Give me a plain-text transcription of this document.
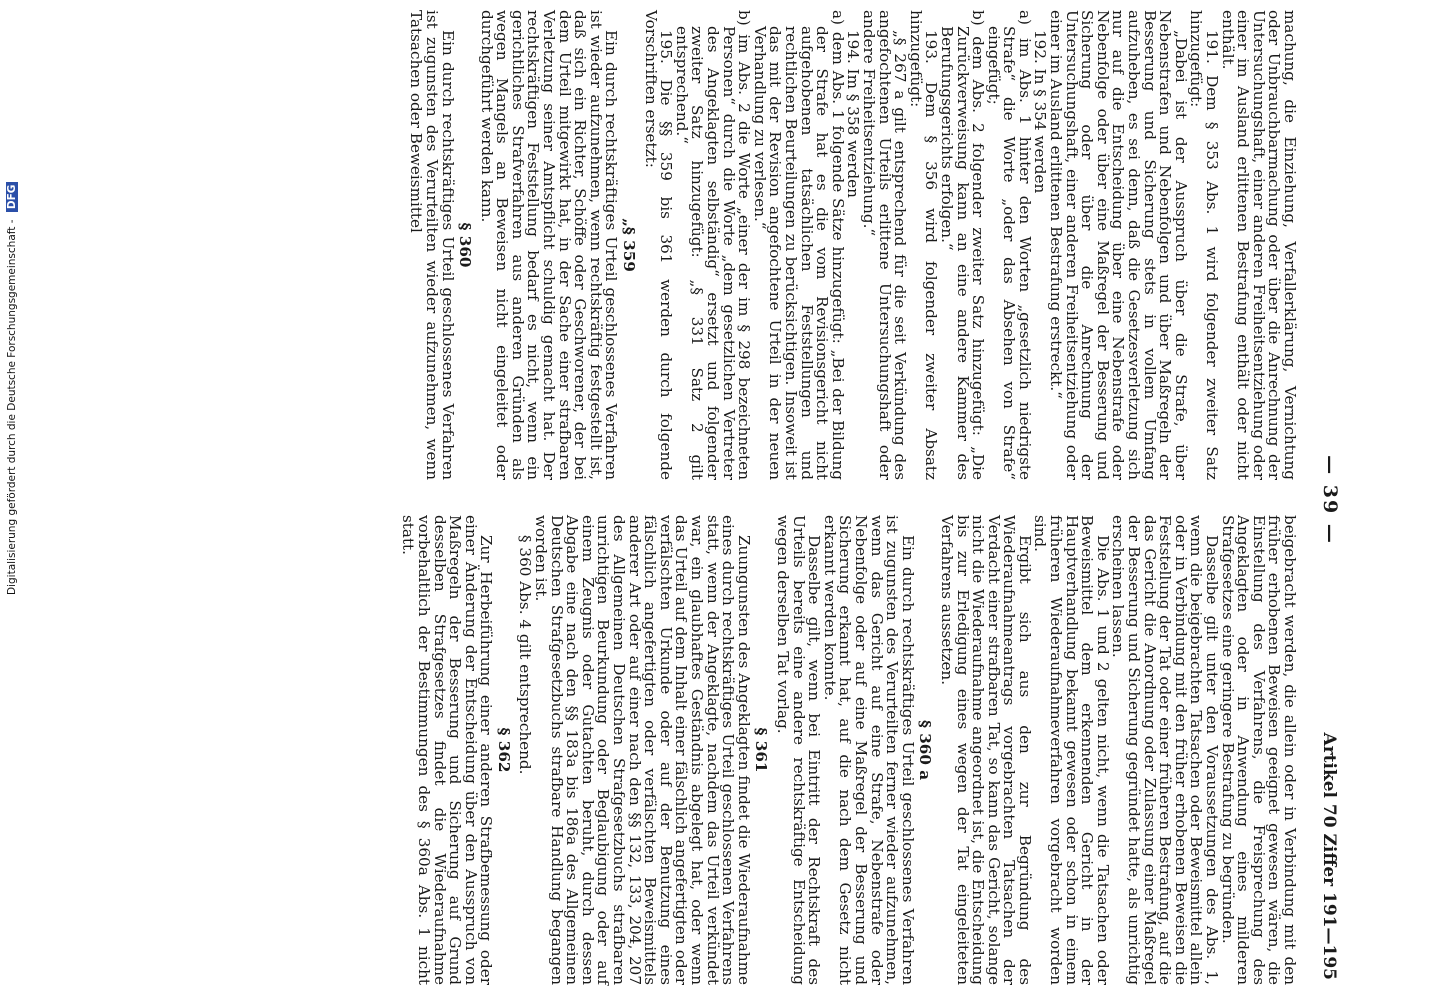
— 39 —
Artikel 70 Ziffer 191—195

machung, die Einziehung, Verfallerklärung, Vernichtung oder Unbrauchbarmachung oder über die Anrechnung der Untersuchungshaft, einer anderen Freiheitsentziehung oder einer im Ausland erlittenen Bestrafung enthält oder nicht enthält.

191. Dem § 353 Abs. 1 wird folgender zweiter Satz hinzugefügt:

„Dabei ist der Ausspruch über die Strafe, über Nebenstrafen und Nebenfolgen und über Maßregeln der Besserung und Sicherung stets in vollem Umfang aufzuheben, es sei denn, daß die Gesetzesverletzung sich nur auf die Entscheidung über eine Nebenstrafe oder Nebenfolge oder über eine Maßregel der Besserung und Sicherung oder über die Anrechnung der Untersuchungshaft, einer anderen Freiheitsentziehung oder einer im Ausland erlittenen Bestrafung erstreckt.“

192. In § 354 werden

a) im Abs. 1 hinter den Worten „gesetzlich niedrigste Strafe“ die Worte „oder das Absehen von Strafe“ eingefügt;

b) dem Abs. 2 folgender zweiter Satz hinzugefügt: „Die Zurückverweisung kann an eine andere Kammer des Berufungsgerichts erfolgen.“

193. Dem § 356 wird folgender zweiter Absatz hinzugefügt:

„§ 267 a gilt entsprechend für die seit Verkündung des angefochtenen Urteils erlittene Untersuchungshaft oder andere Freiheitsentziehung.“

194. Im § 358 werden

a) dem Abs. 1 folgende Sätze hinzugefügt: „Bei der Bildung der Strafe hat es die vom Revisionsgericht nicht aufgehobenen tatsächlichen Feststellungen und rechtlichen Beurteilungen zu berücksichtigen. Insoweit ist das mit der Revision angefochtene Urteil in der neuen Verhandlung zu verlesen.“

b) im Abs. 2 die Worte „einer der im § 298 bezeichneten Personen“ durch die Worte „dem gesetzlichen Vertreter des Angeklagten selbständig“ ersetzt und folgender zweiter Satz hinzugefügt: „§ 331 Satz 2 gilt entsprechend.“

195. Die §§ 359 bis 361 werden durch folgende Vorschriften ersetzt:

„§ 359

Ein durch rechtskräftiges Urteil geschlossenes Verfahren ist wieder aufzunehmen, wenn rechtskräftig festgestellt ist, daß sich ein Richter, Schöffe oder Geschworener, der bei dem Urteil mitgewirkt hat, in der Sache einer strafbaren Verletzung seiner Amtspflicht schuldig gemacht hat. Der rechtskräftigen Feststellung bedarf es nicht, wenn ein gerichtliches Strafverfahren aus anderen Gründen als wegen Mangels an Beweisen nicht eingeleitet oder durchgeführt werden kann.

§ 360

Ein durch rechtskräftiges Urteil geschlossenes Verfahren ist zugunsten des Verurteilten wieder aufzunehmen, wenn Tatsachen oder Beweismittel

beigebracht werden, die allein oder in Verbindung mit den früher erhobenen Beweisen geeignet gewesen wären, die Einstellung des Verfahrens, die Freisprechung des Angeklagten oder in Anwendung eines milderen Strafgesetzes eine geringere Bestrafung zu begründen.

Dasselbe gilt unter den Voraussetzungen des Abs. 1, wenn die beigebrachten Tatsachen oder Beweismittel allein oder in Verbindung mit den früher erhobenen Beweisen die Feststellung der Tat oder einer früheren Bestrafung, auf die das Gericht die Anordnung oder Zulassung einer Maßregel der Besserung und Sicherung gegründet hatte, als unrichtig erscheinen lassen.

Die Abs. 1 und 2 gelten nicht, wenn die Tatsachen oder Beweismittel dem erkennenden Gericht in der Hauptverhandlung bekannt gewesen oder schon in einem früheren Wiederaufnahmeverfahren vorgebracht worden sind.

Ergibt sich aus den zur Begründung des Wiederaufnahmeantrags vorgebrachten Tatsachen der Verdacht einer strafbaren Tat, so kann das Gericht, solange nicht die Wiederaufnahme angeordnet ist, die Entscheidung bis zur Erledigung eines wegen der Tat eingeleiteten Verfahrens aussetzen.

§ 360 a

Ein durch rechtskräftiges Urteil geschlossenes Verfahren ist zugunsten des Verurteilten ferner wieder aufzunehmen, wenn das Gericht auf eine Strafe, Nebenstrafe oder Nebenfolge oder auf eine Maßregel der Besserung und Sicherung erkannt hat, auf die nach dem Gesetz nicht erkannt werden konnte.

Dasselbe gilt, wenn bei Eintritt der Rechtskraft des Urteils bereits eine andere rechtskräftige Entscheidung wegen derselben Tat vorlag.

§ 361

Zuungunsten des Angeklagten findet die Wiederaufnahme eines durch rechtskräftiges Urteil geschlossenen Verfahrens statt, wenn der Angeklagte, nachdem das Urteil verkündet war, ein glaubhaftes Geständnis abgelegt hat, oder wenn das Urteil auf dem Inhalt einer fälschlich angefertigten oder verfälschten Urkunde oder auf der Benutzung eines fälschlich angefertigten oder verfälschten Beweismittels anderer Art oder auf einer nach den §§ 132, 133, 204, 207 des Allgemeinen Deutschen Strafgesetzbuchs strafbaren unrichtigen Beurkundung oder Beglaubigung oder auf einem Zeugnis oder Gutachten beruht, durch dessen Abgabe eine nach den §§ 183a bis 186a des Allgemeinen Deutschen Strafgesetzbuchs strafbare Handlung begangen worden ist.

§ 360 Abs. 4 gilt entsprechend.

§ 362

Zur Herbeiführung einer anderen Strafbemessung oder einer Änderung der Entscheidung über den Ausspruch von Maßregeln der Besserung und Sicherung auf Grund desselben Strafgesetzes findet die Wiederaufnahme vorbehaltlich der Bestimmungen des § 360a Abs. 1 nicht statt.

Digitalisierung gefördert durch die Deutsche Forschungsgemeinschaft - DFG
